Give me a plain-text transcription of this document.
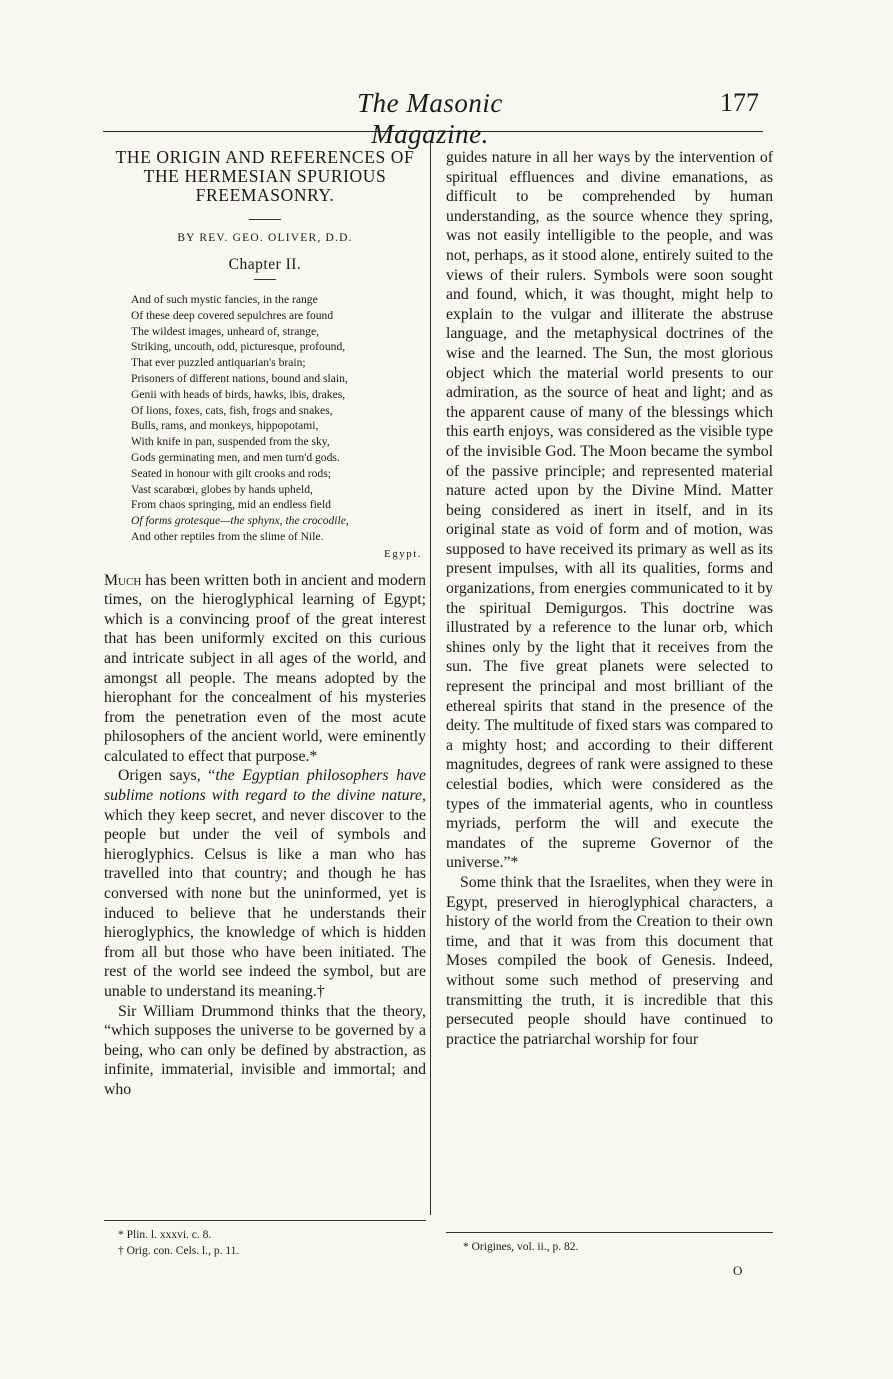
The Masonic Magazine.
177
THE ORIGIN AND REFERENCES OF THE HERMESIAN SPURIOUS FREEMASONRY.

BY REV. GEO. OLIVER, D.D.

Chapter II.

And of such mystic fancies, in the range
Of these deep covered sepulchres are found
The wildest images, unheard of, strange,
Striking, uncouth, odd, picturesque, profound,
That ever puzzled antiquarian's brain;
Prisoners of different nations, bound and slain,
Genii with heads of birds, hawks, ibis, drakes,
Of lions, foxes, cats, fish, frogs and snakes,
Bulls, rams, and monkeys, hippopotami,
With knife in pan, suspended from the sky,
Gods germinating men, and men turn'd gods.
Seated in honour with gilt crooks and rods;
Vast scarabœi, globes by hands upheld,
From chaos springing, mid an endless field
Of forms grotesque—the sphynx, the crocodile,
And other reptiles from the slime of Nile.
Egypt.

Much has been written both in ancient and modern times, on the hieroglyphical learning of Egypt; which is a convincing proof of the great interest that has been uniformly excited on this curious and intricate subject in all ages of the world, and amongst all people. The means adopted by the hierophant for the concealment of his mysteries from the penetration even of the most acute philosophers of the ancient world, were eminently calculated to effect that purpose.*

Origen says, “the Egyptian philosophers have sublime notions with regard to the divine nature, which they keep secret, and never discover to the people but under the veil of symbols and hieroglyphics. Celsus is like a man who has travelled into that country; and though he has conversed with none but the uninformed, yet is induced to believe that he understands their hieroglyphics, the knowledge of which is hidden from all but those who have been initiated. The rest of the world see indeed the symbol, but are unable to understand its meaning.†

Sir William Drummond thinks that the theory, “which supposes the universe to be governed by a being, who can only be defined by abstraction, as infinite, immaterial, invisible and immortal; and who

* Plin. l. xxxvi. c. 8.
† Orig. con. Cels. l., p. 11.

guides nature in all her ways by the intervention of spiritual effluences and divine emanations, as difficult to be comprehended by human understanding, as the source whence they spring, was not easily intelligible to the people, and was not, perhaps, as it stood alone, entirely suited to the views of their rulers. Symbols were soon sought and found, which, it was thought, might help to explain to the vulgar and illiterate the abstruse language, and the metaphysical doctrines of the wise and the learned. The Sun, the most glorious object which the material world presents to our admiration, as the source of heat and light; and as the apparent cause of many of the blessings which this earth enjoys, was considered as the visible type of the invisible God. The Moon became the symbol of the passive principle; and represented material nature acted upon by the Divine Mind. Matter being considered as inert in itself, and in its original state as void of form and of motion, was supposed to have received its primary as well as its present impulses, with all its qualities, forms and organizations, from energies communicated to it by the spiritual Demigurgos. This doctrine was illustrated by a reference to the lunar orb, which shines only by the light that it receives from the sun. The five great planets were selected to represent the principal and most brilliant of the ethereal spirits that stand in the presence of the deity. The multitude of fixed stars was compared to a mighty host; and according to their different magnitudes, degrees of rank were assigned to these celestial bodies, which were considered as the types of the immaterial agents, who in countless myriads, perform the will and execute the mandates of the supreme Governor of the universe.”*

Some think that the Israelites, when they were in Egypt, preserved in hieroglyphical characters, a history of the world from the Creation to their own time, and that it was from this document that Moses compiled the book of Genesis. Indeed, without some such method of preserving and transmitting the truth, it is incredible that this persecuted people should have continued to practice the patriarchal worship for four

* Origines, vol. ii., p. 82.
O
